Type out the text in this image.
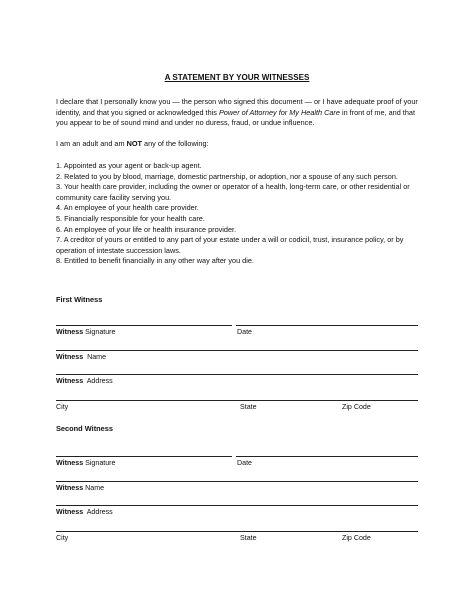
A STATEMENT BY YOUR WITNESSES
I declare that I personally know you — the person who signed this document — or I have adequate proof of your identity, and that you signed or acknowledged this Power of Attorney for My Health Care in front of me, and that you appear to be of sound mind and under no duress, fraud, or undue influence.
I am an adult and am NOT any of the following:
1. Appointed as your agent or back-up agent.
2. Related to you by blood, marriage, domestic partnership, or adoption, nor a spouse of any such person.
3. Your health care provider, including the owner or operator of a health, long-term care, or other residential or community care facility serving you.
4. An employee of your health care provider.
5. Financially responsible for your health care.
6. An employee of your life or health insurance provider.
7. A creditor of yours or entitled to any part of your estate under a will or codicil, trust, insurance policy, or by operation of intestate succession laws.
8. Entitled to benefit financially in any other way after you die.
First Witness
Witness Signature	Date
Witness Name
Witness Address
City	State	Zip Code
Second Witness
Witness Signature	Date
Witness Name
Witness Address
City	State	Zip Code
